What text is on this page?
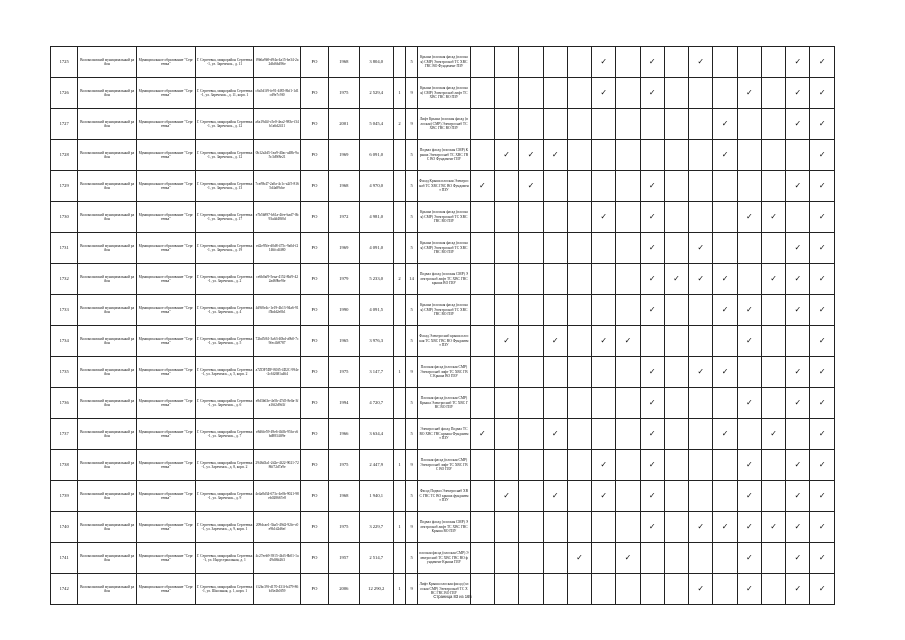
1725	Волоколамский муниципальный район	Муниципальное образование "Сергеевка"	Г. Сергеевка, микрорайон Сергеевка-1, ул. Зареченск., д. 11	f9b6a9b9-d94a-4a15-be34-2a2dbf6b496e	РО	1968	3 804,0		5	Крыша (плоская фасад (плоская) СМР) Электроснаб ТС ХВС ГВС ВО Фундамент ПЗУ						✓		✓		✓				✓	✓
1726	Волоколамский муниципальный район	Муниципальное образование "Сергеевка"	Г. Сергеевка, микрорайон Сергеевка-1, ул. Зареченск., д. 11, корп. 1	c6a5d1f9-fe91-4f85-8bf1-1d1cd9e7c9f0	РО	1975	2 529,4	1	9	Крыша (плоская фасад (плоская) СМР) Электроснаб лифт ТС ХВС ГВС ВО ПЗУ						✓		✓				✓		✓	✓
1727	Волоколамский муниципальный район	Муниципальное образование "Сергеевка"	Г. Сергеевка, микрорайон Сергеевка-1, ул. Зареченск., д. 12	a6a19d4f-c5e0-4ea2-983e-f34b1a6d2411	РО	2001	5 045,4	2	9	Лифт Крыша (плоская фасад (плоская) СМР) Электроснаб ТС ХВС ГВС ВО ПЗУ											✓			✓	✓
1728	Волоколамский муниципальный район	Муниципальное образование "Сергеевка"	Г. Сергеевка, микрорайон Сергеевка-1, ул. Зареченск., д. 12	0b12a3d5-1ea9-40ac-a48b-9a5c3d9f8e21	РО	1969	6 091,0		5	Подвал фасад (плоская СМР) Крыша Электроснаб ТС ХВС ГВС ВО Фундамент ПЗУ		✓	✓	✓							✓				✓
1729	Волоколамский муниципальный район	Муниципальное образование "Сергеевка"	Г. Сергеевка, микрорайон Сергеевка-1, ул. Зареченск., д. 13	7cef9b47-2a0a-4c1c-a2f5-8165d4a89cbe	РО	1968	4 970,0		5	Фасад Крыша плоская Электроснаб ТС ХВС ГВС ВО Фундамент ПЗУ	✓		✓					✓						✓	✓
1730	Волоколамский муниципальный район	Муниципальное образование "Сергеевка"	Г. Сергеевка, микрорайон Сергеевка-1, ул. Зареченск., д. 17	e7b5b897-b61a-4fee-bad7-0b93a4d48f0d	РО	1972	4 981,0		5	Крыша (плоская фасад (плоская) СМР) Электроснаб ТС ХВС ГВС ВО ПЗУ						✓		✓				✓	✓		✓
1731	Волоколамский муниципальный район	Муниципальное образование "Сергеевка"	Г. Сергеевка, микрорайон Сергеевка-1, ул. Зареченск., д. 19	ed2e95fe-d0d8-475c-9a0d-f2146fcd4f80	РО	1969	4 091,0		5	Крыша (плоская фасад (плоская) СМР) Электроснаб ТС ХВС ГВС ВО ПЗУ								✓		✓				✓	✓
1732	Волоколамский муниципальный район	Муниципальное образование "Сергеевка"	Г. Сергеевка, микрорайон Сергеевка-1, ул. Зареченск., д. 2	ce6b0af9-5eaa-4152-8bf9-422ad69be9fe	РО	1979	5 233,0	2	14	Подвал фасад (плоская СМР) Электроснаб лифт ТС ХВС ГВС крыша ВО ПЗУ								✓	✓	✓	✓		✓	✓	✓
1733	Волоколамский муниципальный район	Муниципальное образование "Сергеевка"	Г. Сергеевка, микрорайон Сергеевка-1, ул. Зареченск., д. 4	4d9f0e4c-1e19-4b13-94a6-91f5bdd2e0b1	РО	1990	4 091,5		5	Крыша (плоская фасад (плоская) СМР) Электроснаб ТС ХВС ГВС ВО ПЗУ								✓			✓	✓		✓	✓
1734	Волоколамский муниципальный район	Муниципальное образование "Сергеевка"	Г. Сергеевка, микрорайон Сергеевка-1, ул. Зареченск., д. 5	72bd5f61-3a63-40bd-a9b0-7c9fec4b9787	РО	1965	3 976,3		5	Фасад Электроснаб крыша плоская ТС ХВС ГВС ВО Фундамент ПЗУ		✓		✓		✓	✓					✓			✓
1735	Волоколамский муниципальный район	Муниципальное образование "Сергеевка"	Г. Сергеевка, микрорайон Сергеевка-1, ул. Зареченск., д. 5, корп. 2	a7ZDF5DF-B0f5-4D2C-994e-2c6f2681a464	РО	1975	3 147,7	1	9	Плоская фасад (плоская СМР) Электроснаб лифт ТС ХВС ГВС Крыша ВО ПЗУ								✓		✓	✓			✓	✓
1736	Волоколамский муниципальный район	Муниципальное образование "Сергеевка"	Г. Сергеевка, микрорайон Сергеевка-1, ул. Зареченск., д. 6	e8d3b63e-4e5b-47d5-8e0a-3fa16f2d9d1f	РО	1994	4 720,7		5	Плоская фасад (плоская СМР) Крыша Электроснаб ТС ХВС ГВС ВО ПЗУ								✓				✓		✓	✓
1737	Волоколамский муниципальный район	Муниципальное образование "Сергеевка"	Г. Сергеевка, микрорайон Сергеевка-1, ул. Зареченск., д. 7	e8d6fe59-49e6-4b5b-95fa-c6bd8834ff9e	РО	1966	3 634,4		5	Электроснаб фасад Подвал ТС ВО ХВС ГВС крыша Фундамент ПЗУ	✓			✓				✓			✓		✓		✓
1738	Волоколамский муниципальный район	Муниципальное образование "Сергеевка"	Г. Сергеевка, микрорайон Сергеевка-1, ул. Зареченск., д. 8, корп. 2	2946d3a1-2d2e-4f22-9021-7286f72d7a9e	РО	1975	2 447,9	1	9	Плоская фасад (плоская СМР) Электроснаб лифт ТС ХВС ГВС ВО ПЗУ						✓		✓				✓		✓	✓
1739	Волоколамский муниципальный район	Муниципальное образование "Сергеевка"	Г. Сергеевка, микрорайон Сергеевка-1, ул. Зареченск., д. 9	4e4a8d34-673c-4e0b-9021-98eb028667e8	РО	1968	1 940,1		5	Фасад Подвал Электроснаб ХВС ГВС ТС ВО крыша фундамент ПЗУ		✓		✓		✓		✓				✓		✓	✓
1740	Волоколамский муниципальный район	Муниципальное образование "Сергеевка"	Г. Сергеевка, микрорайон Сергеевка-1, ул. Зареченск., д. 9, корп. 1	209dcae1-3ba5-49d2-92fe-c0e9b1d2d6ef	РО	1975	3 229,7	1	9	Подвал фасад (плоская СМР) Электроснаб лифт ТС ХВС ГВС Крыша ВО ПЗУ								✓		✓	✓	✓	✓	✓	✓
1741	Волоколамский муниципальный район	Муниципальное образование "Сергеевка"	Г. Сергеевка, микрорайон Сергеевка-1, ул. Индустриальная, д. 1	4c27eeb9-3915-4bf3-8b01-1a49df6b263	РО	1957	2 514,7		5	плоская фасад (плоская СМР) Электроснаб ТС ХВС ГВС ВО фундамент Крыша ПЗУ					✓		✓					✓		✓	✓
1742	Волоколамский муниципальный район	Муниципальное образование "Сергеевка"	Г. Сергеевка, микрорайон Сергеевка-1, ул. Школьная, д. 1, корп. 1	f12bc39f-d170-431f-b479-86bf3e4b0f59	РО	2006	12 290,2	1	9	Лифт Крыша плоская фасад (плоская СМР) Электроснаб ТС ХВС ГВС ВО ПЗУ										✓		✓		✓	✓
Страница 83 из 165
